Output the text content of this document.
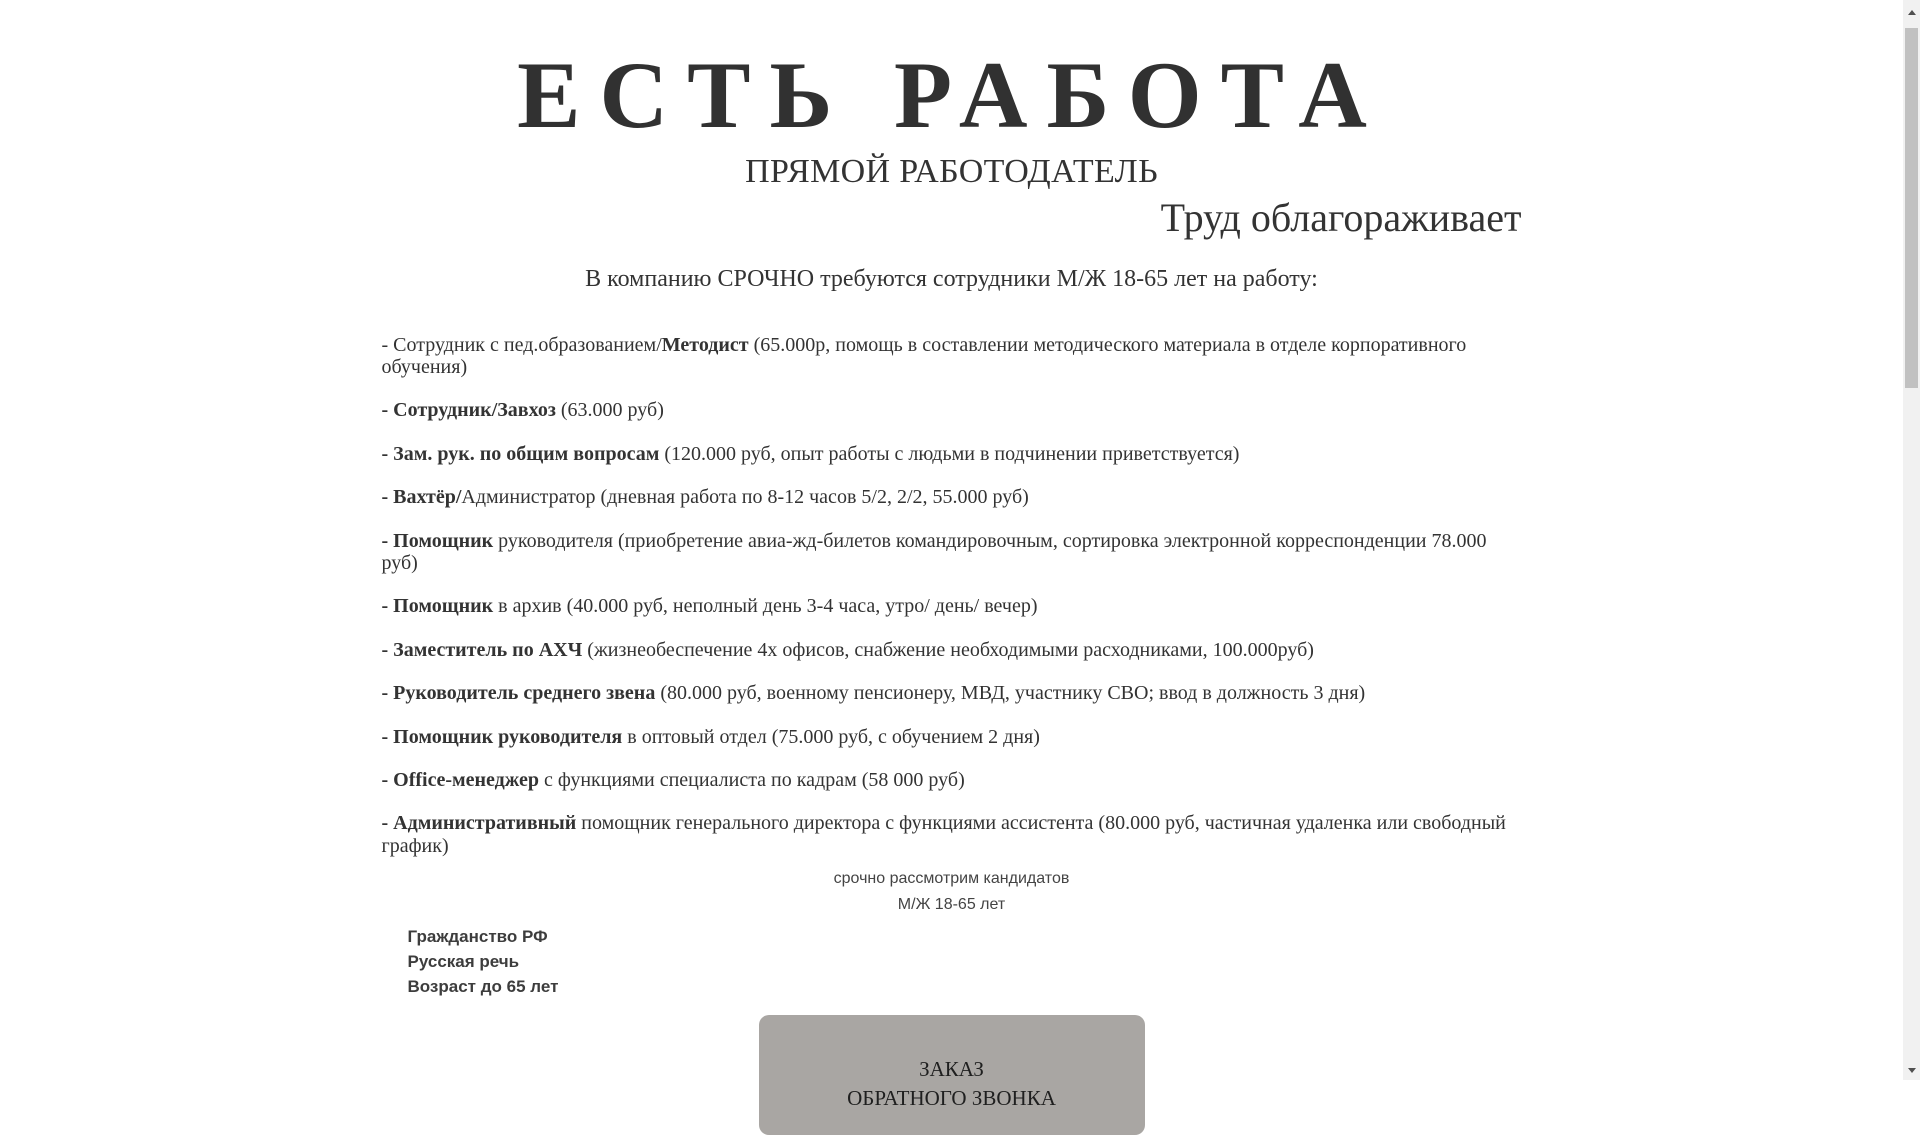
ЕСТЬ РАБОТА
ПРЯМОЙ РАБОТОДАТЕЛЬ
Труд облагораживает
В компанию СРОЧНО требуются сотрудники М/Ж 18-65 лет на работу:

- Сотрудник с пед.образованием/Методист (65.000р, помощь в составлении методического материала в отделе корпоративного обучения)

- Сотрудник/Завхоз (63.000 руб)

- Зам. рук. по общим вопросам (120.000 руб, опыт работы с людьми в подчинении приветствуется)

- Вахтёр/Администратор (дневная работа по 8-12 часов 5/2, 2/2, 55.000 руб)

- Помощник руководителя (приобретение авиа-жд-билетов командировочным, сортировка электронной корреспонденции 78.000 руб)

- Помощник в архив (40.000 руб, неполный день 3-4 часа, утро/ день/ вечер)

- Заместитель по АХЧ (жизнеобеспечение 4х офисов, снабжение необходимыми расходниками, 100.000руб)

- Руководитель среднего звена (80.000 руб, военному пенсионеру, МВД, участнику СВО; ввод в должность 3 дня)

- Помощник руководителя в оптовый отдел (75.000 руб, с обучением 2 дня)

- Office-менеджер с функциями специалиста по кадрам (58 000 руб)

- Административный помощник генерального директора с функциями ассистента (80.000 руб, частичная удаленка или свободный график)

срочно рассмотрим кандидатов
М/Ж 18-65 лет
Гражданство РФ
Русская речь
Возраст до 65 лет
ЗАКАЗ
ОБРАТНОГО ЗВОНКА
